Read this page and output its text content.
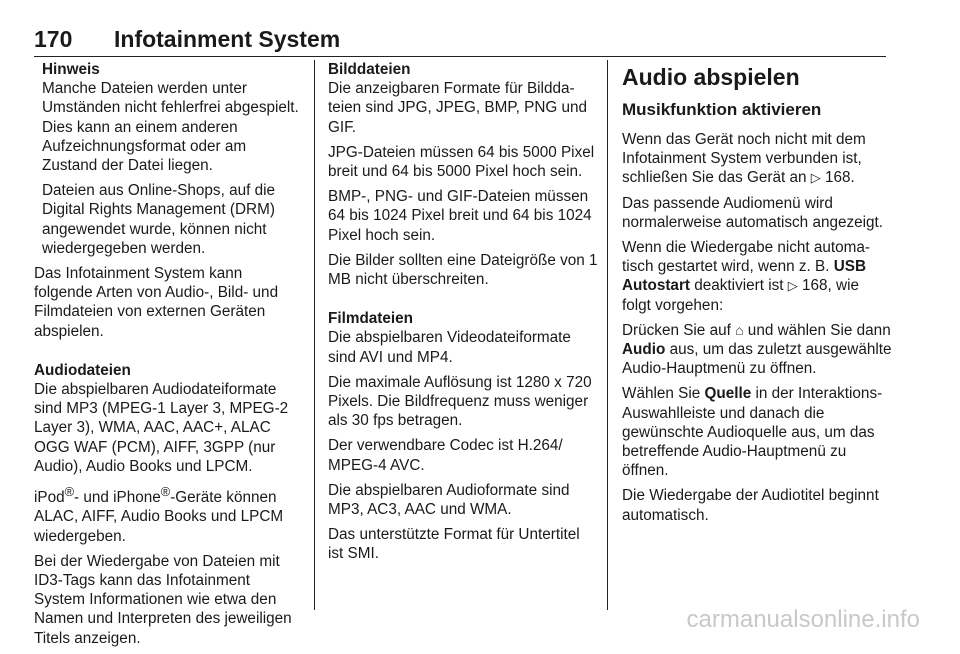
170 Infotainment System

Hinweis

Manche Dateien werden unter Umständen nicht fehlerfrei abgespielt. Dies kann an einem anderen Aufzeichnungsformat oder am Zustand der Datei liegen.

Dateien aus Online-Shops, auf die Digital Rights Management (DRM) angewendet wurde, können nicht wiedergegeben werden.

Das Infotainment System kann folgende Arten von Audio-, Bild- und Filmdateien von externen Geräten abspielen.

Audiodateien

Die abspielbaren Audiodateiformate sind MP3 (MPEG-1 Layer 3, MPEG-2 Layer 3), WMA, AAC, AAC+, ALAC OGG WAF (PCM), AIFF, 3GPP (nur Audio), Audio Books und LPCM.

iPod®- und iPhone®-Geräte können ALAC, AIFF, Audio Books und LPCM wiedergeben.

Bei der Wiedergabe von Dateien mit ID3-Tags kann das Infotainment System Informationen wie etwa den Namen und Interpreten des jeweiligen Titels anzeigen.

Bilddateien

Die anzeigbaren Formate für Bilddateien sind JPG, JPEG, BMP, PNG und GIF.

JPG-Dateien müssen 64 bis 5000 Pixel breit und 64 bis 5000 Pixel hoch sein.

BMP-, PNG- und GIF-Dateien müssen 64 bis 1024 Pixel breit und 64 bis 1024 Pixel hoch sein.

Die Bilder sollten eine Dateigröße von 1 MB nicht überschreiten.

Filmdateien

Die abspielbaren Videodateiformate sind AVI und MP4.

Die maximale Auflösung ist 1280 x 720 Pixels. Die Bildfrequenz muss weniger als 30 fps betragen.

Der verwendbare Codec ist H.264/ MPEG-4 AVC.

Die abspielbaren Audioformate sind MP3, AC3, AAC und WMA.

Das unterstützte Format für Untertitel ist SMI.

Audio abspielen
Musikfunktion aktivieren

Wenn das Gerät noch nicht mit dem Infotainment System verbunden ist, schließen Sie das Gerät an ▷ 168.

Das passende Audiomenü wird normalerweise automatisch angezeigt.

Wenn die Wiedergabe nicht automatisch gestartet wird, wenn z. B. USB Autostart deaktiviert ist ▷ 168, wie folgt vorgehen:

Drücken Sie auf ⌂ und wählen Sie dann Audio aus, um das zuletzt ausgewählte Audio-Hauptmenü zu öffnen.

Wählen Sie Quelle in der Interaktions-Auswahlleiste und danach die gewünschte Audioquelle aus, um das betreffende Audio-Hauptmenü zu öffnen.

Die Wiedergabe der Audiotitel beginnt automatisch.

carmanualsonline.info
